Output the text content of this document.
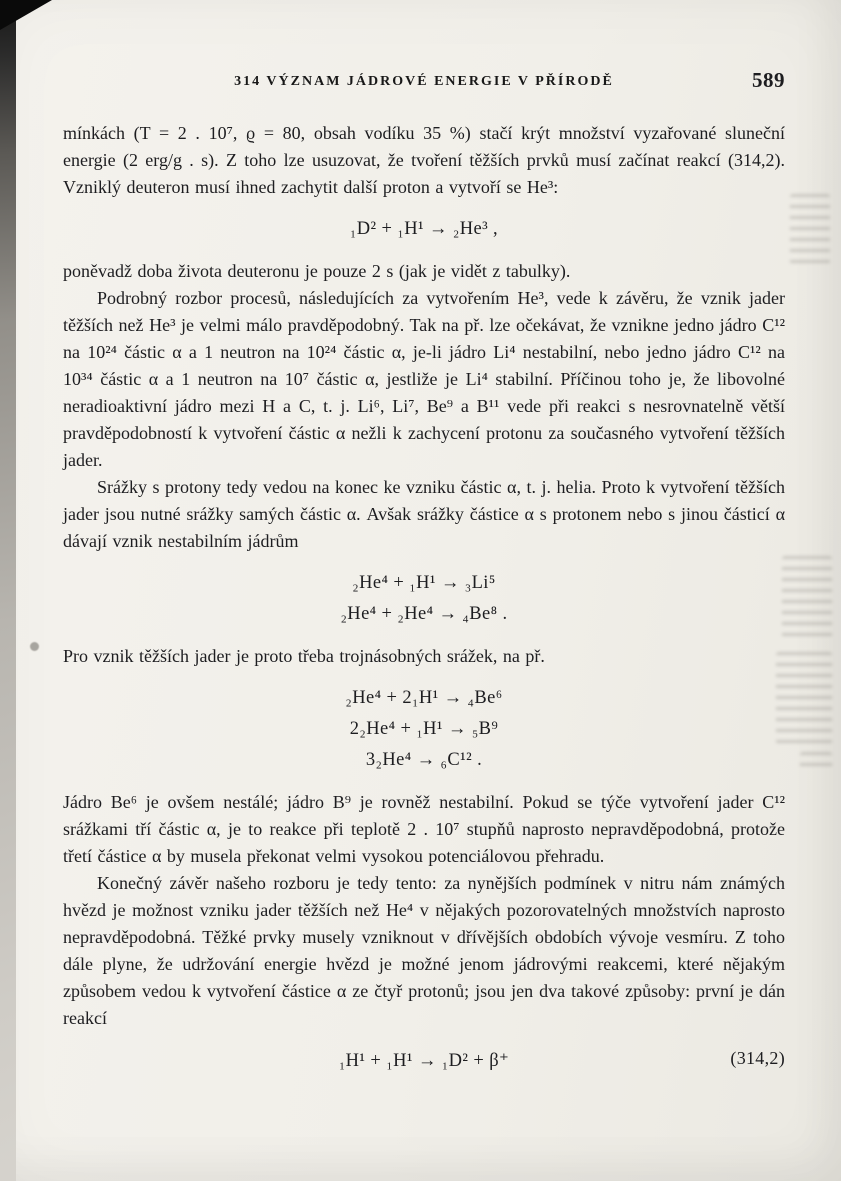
314 VÝZNAM JÁDROVÉ ENERGIE V PŘÍRODĚ	589

mínkách (T = 2 . 10⁷, ϱ = 80, obsah vodíku 35 %) stačí krýt množství vyzařované sluneční energie (2 erg/g . s). Z toho lze usuzovat, že tvoření těžších prvků musí začínat reakcí (314,2). Vzniklý deuteron musí ihned zachytit další proton a vytvoří se He³:

₁D² + ₁H¹ → ₂He³ ,

poněvadž doba života deuteronu je pouze 2 s (jak je vidět z tabulky).

Podrobný rozbor procesů, následujících za vytvořením He³, vede k závěru, že vznik jader těžších než He³ je velmi málo pravděpodobný. Tak na př. lze očekávat, že vznikne jedno jádro C¹² na 10²⁴ částic α a 1 neutron na 10²⁴ částic α, je-li jádro Li⁴ nestabilní, nebo jedno jádro C¹² na 10³⁴ částic α a 1 neutron na 10⁷ částic α, jestliže je Li⁴ stabilní. Příčinou toho je, že libovolné neradioaktivní jádro mezi H a C, t. j. Li⁶, Li⁷, Be⁹ a B¹¹ vede při reakci s nesrovnatelně větší pravděpodobností k vytvoření částic α nežli k zachycení protonu za současného vytvoření těžších jader.

Srážky s protony tedy vedou na konec ke vzniku částic α, t. j. helia. Proto k vytvoření těžších jader jsou nutné srážky samých částic α. Avšak srážky částice α s protonem nebo s jinou částicí α dávají vznik nestabilním jádrům

₂He⁴ + ₁H¹ → ₃Li⁵
₂He⁴ + ₂He⁴ → ₄Be⁸ .

Pro vznik těžších jader je proto třeba trojnásobných srážek, na př.

₂He⁴ + 2₁H¹ → ₄Be⁶
2₂He⁴ + ₁H¹ → ₅B⁹
3₂He⁴ → ₆C¹² .

Jádro Be⁶ je ovšem nestálé; jádro B⁹ je rovněž nestabilní. Pokud se týče vytvoření jader C¹² srážkami tří částic α, je to reakce při teplotě 2 . 10⁷ stupňů naprosto nepravděpodobná, protože třetí částice α by musela překonat velmi vysokou potenciálovou přehradu.

Konečný závěr našeho rozboru je tedy tento: za nynějších podmínek v nitru nám známých hvězd je možnost vzniku jader těžších než He⁴ v nějakých pozorovatelných množstvích naprosto nepravděpodobná. Těžké prvky musely vzniknout v dřívějších obdobích vývoje vesmíru. Z toho dále plyne, že udržování energie hvězd je možné jenom jádrovými reakcemi, které nějakým způsobem vedou k vytvoření částice α ze čtyř protonů; jsou jen dva takové způsoby: první je dán reakcí

₁H¹ + ₁H¹ → ₁D² + β⁺	(314,2)
